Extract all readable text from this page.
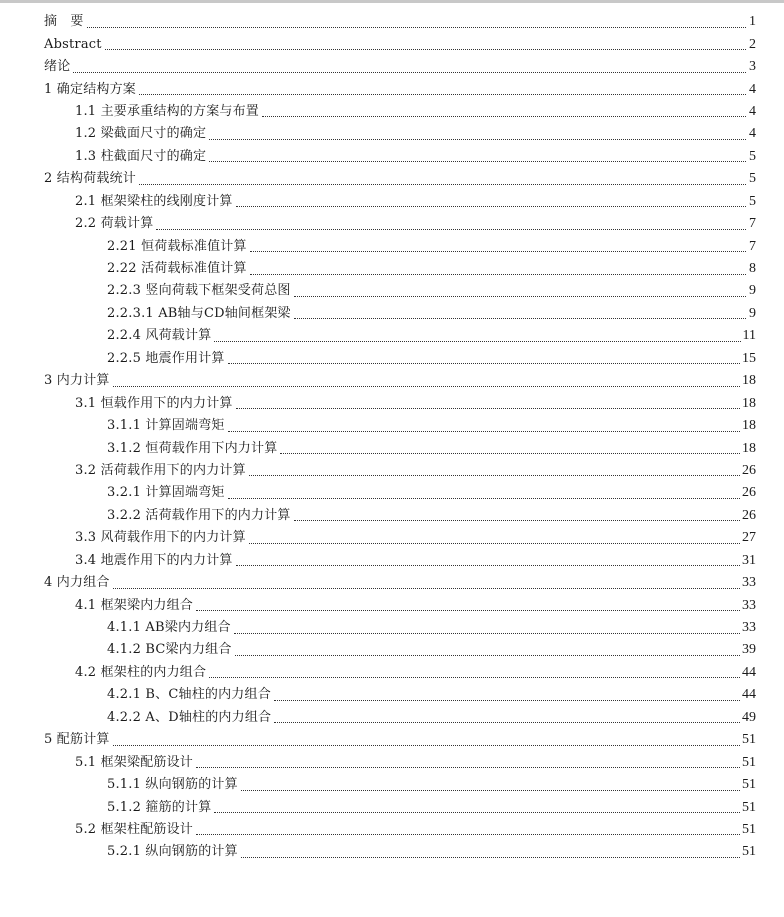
摘　要	1
Abstract	2
绪论	3
1 确定结构方案	4
1.1 主要承重结构的方案与布置	4
1.2 梁截面尺寸的确定	4
1.3 柱截面尺寸的确定	5
2 结构荷载统计	5
2.1 框架梁柱的线刚度计算	5
2.2 荷载计算	7
2.21 恒荷载标准值计算	7
2.22 活荷载标准值计算	8
2.2.3 竖向荷载下框架受荷总图	9
2.2.3.1 AB轴与CD轴间框架梁	9
2.2.4 风荷载计算	11
2.2.5 地震作用计算	15
3 内力计算	18
3.1 恒载作用下的内力计算	18
3.1.1 计算固端弯矩	18
3.1.2 恒荷载作用下内力计算	18
3.2 活荷载作用下的内力计算	26
3.2.1 计算固端弯矩	26
3.2.2 活荷载作用下的内力计算	26
3.3 风荷载作用下的内力计算	27
3.4 地震作用下的内力计算	31
4 内力组合	33
4.1 框架梁内力组合	33
4.1.1 AB梁内力组合	33
4.1.2 BC梁内力组合	39
4.2 框架柱的内力组合	44
4.2.1 B、C轴柱的内力组合	44
4.2.2 A、D轴柱的内力组合	49
5 配筋计算	51
5.1 框架梁配筋设计	51
5.1.1 纵向钢筋的计算	51
5.1.2 箍筋的计算	51
5.2 框架柱配筋设计	51
5.2.1 纵向钢筋的计算	51
